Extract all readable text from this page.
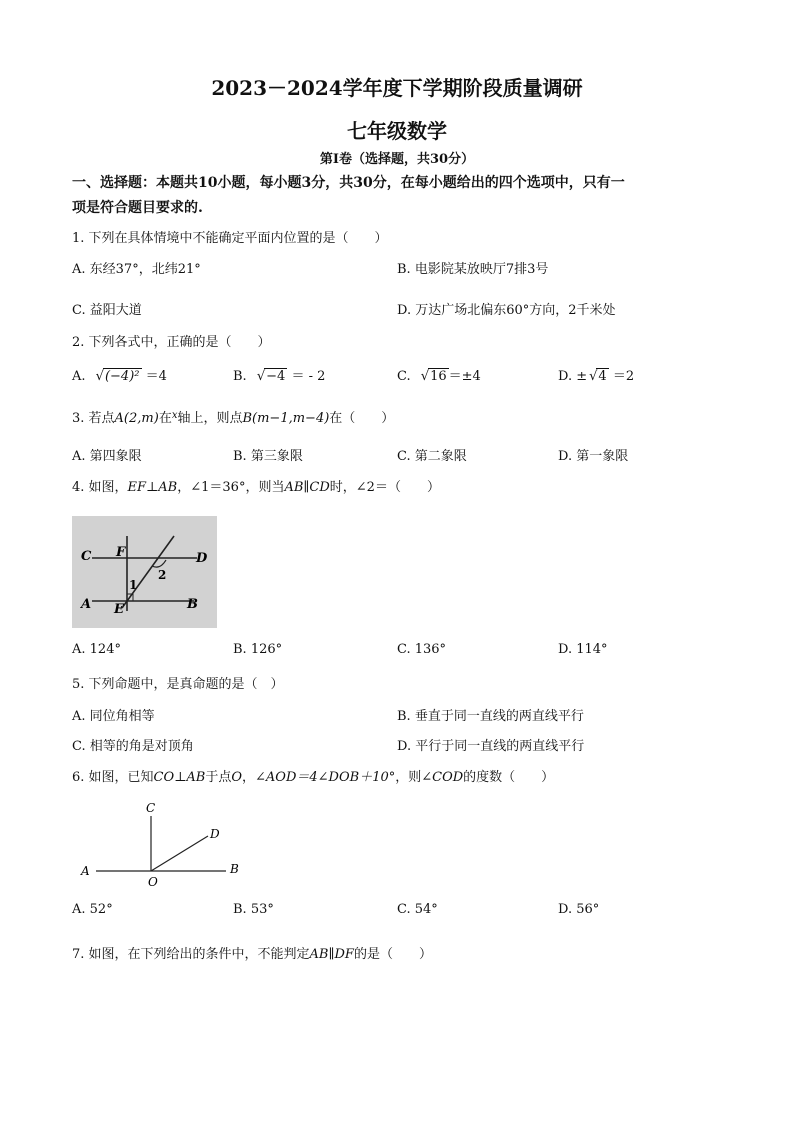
2023－2024学年度下学期阶段质量调研
七年级数学
第Ⅰ卷（选择题，共30分）
一、选择题：本题共10小题，每小题3分，共30分，在每小题给出的四个选项中，只有一
项是符合题目要求的.
1. 下列在具体情境中不能确定平面内位置的是（　　）
A. 东经37°，北纬21°	B. 电影院某放映厅7排3号
C. 益阳大道	D. 万达广场北偏东60°方向，2千米处
2. 下列各式中，正确的是（　　）
A. √(−4)² ＝4	B. √−4 ＝ - 2	C. √16 ＝±4	D. ± √4 ＝2
3. 若点A(2,m)在$^x$轴上，则点B(m−1,m−4)在（　　）
A. 第四象限	B. 第三象限	C. 第二象限	D. 第一象限
4. 如图，EF⊥AB，∠1＝36°，则当AB∥CD时，∠2＝（　　）
C F	D
1
2
A E	B
A. 124°	B. 126°	C. 136°	D. 114°
5. 下列命题中，是真命题的是（　）
A. 同位角相等	B. 垂直于同一直线的两直线平行
C. 相等的角是对顶角	D. 平行于同一直线的两直线平行
6. 如图，已知CO⊥AB于点O，∠AOD＝4∠DOB＋10°，则∠COD的度数（　　）
C
D
A
O
B
A. 52°	B. 53°	C. 54°	D. 56°
7. 如图，在下列给出的条件中，不能判定AB∥DF的是（　　）
